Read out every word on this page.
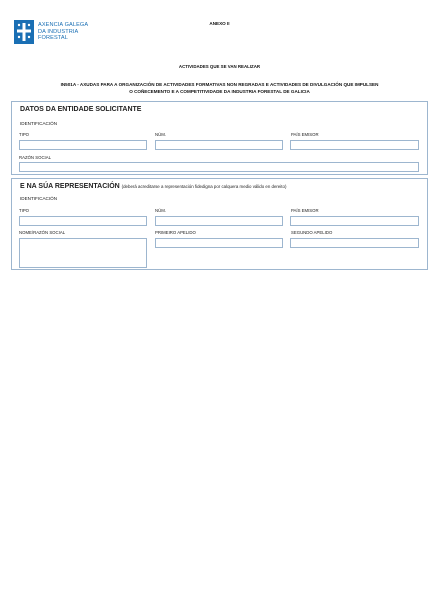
AXENCIA GALEGA
DA INDUSTRIA
FORESTAL
ANEXO II
ACTIVIDADES QUE SE VAN REALIZAR
IN501A - AXUDAS PARA A ORGANIZACIÓN DE ACTIVIDADES FORMATIVAS NON REGRADAS E ACTIVIDADES DE DIVULGACIÓN QUE IMPULSEN
O COÑECEMENTO E A COMPETITIVIDADE DA INDUSTRIA FORESTAL DE GALICIA
DATOS DA ENTIDADE SOLICITANTE
IDENTIFICACIÓN
TIPO	NÚM.	PAÍS EMISOR
RAZÓN SOCIAL
E NA SÚA REPRESENTACIÓN (deberá acreditarse a representación fidedigna por calquera medio válido en dereito)
IDENTIFICACIÓN
TIPO	NÚM.	PAÍS EMISOR
NOME/RAZÓN SOCIAL	PRIMEIRO APELIDO	SEGUNDO APELIDO
